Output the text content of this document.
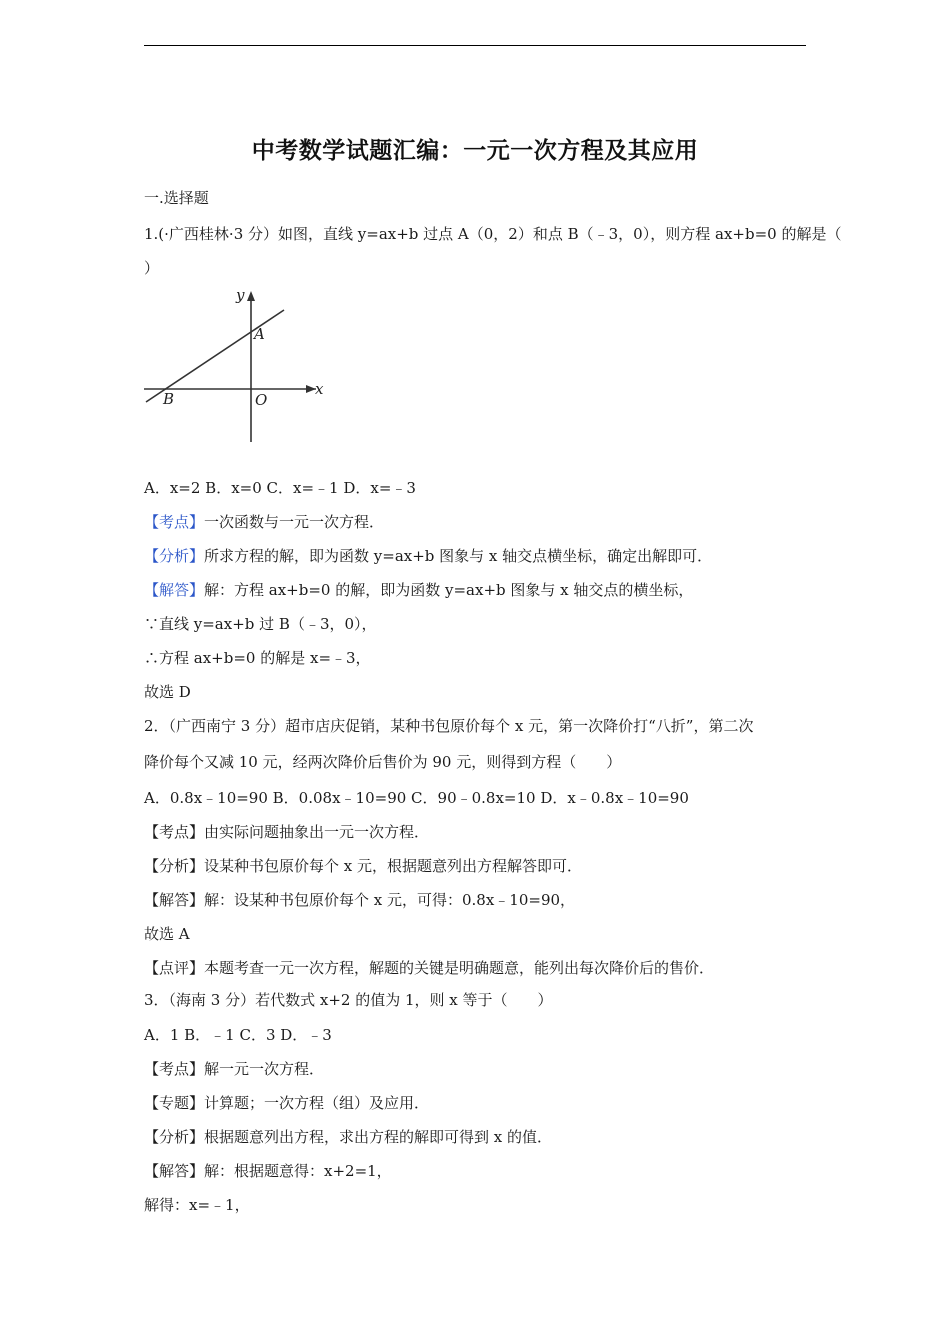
中考数学试题汇编：一元一次方程及其应用
一.选择题
1.(·广西桂林·3 分）如图，直线 y=ax+b 过点 A（0，2）和点 B（﹣3，0），则方程 ax+b=0 的解是（
）
y
x
A
B	O
A．x=2 B．x=0 C．x=﹣1 D．x=﹣3
【考点】一次函数与一元一次方程．
【分析】所求方程的解，即为函数 y=ax+b 图象与 x 轴交点横坐标，确定出解即可．
【解答】解：方程 ax+b=0 的解，即为函数 y=ax+b 图象与 x 轴交点的横坐标，
∵直线 y=ax+b 过 B（﹣3，0），
∴方程 ax+b=0 的解是 x=﹣3，
故选 D
2．（广西南宁 3 分）超市店庆促销，某种书包原价每个 x 元，第一次降价打“八折”，第二次
降价每个又减 10 元，经两次降价后售价为 90 元，则得到方程（　　）
A．0.8x﹣10=90 B．0.08x﹣10=90 C．90﹣0.8x=10 D．x﹣0.8x﹣10=90
【考点】由实际问题抽象出一元一次方程．
【分析】设某种书包原价每个 x 元，根据题意列出方程解答即可．
【解答】解：设某种书包原价每个 x 元，可得：0.8x﹣10=90，
故选 A
【点评】本题考查一元一次方程，解题的关键是明确题意，能列出每次降价后的售价．
3．（海南 3 分）若代数式 x+2 的值为 1，则 x 等于（　　）
A．1 B．﹣1 C．3 D．﹣3
【考点】解一元一次方程．
【专题】计算题；一次方程（组）及应用．
【分析】根据题意列出方程，求出方程的解即可得到 x 的值．
【解答】解：根据题意得：x+2=1，
解得：x=﹣1，
